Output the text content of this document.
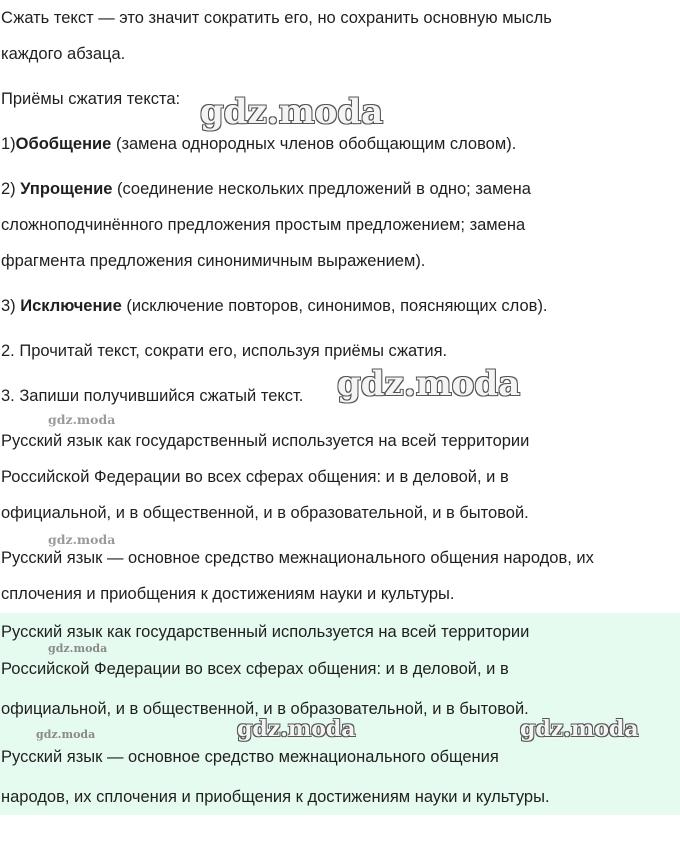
Сжать текст — это значит сократить его, но сохранить основную мысль
каждого абзаца.
Приёмы сжатия текста:
1)Обобщение (замена однородных членов обобщающим словом).
2) Упрощение (соединение нескольких предложений в одно; замена
сложноподчинённого предложения простым предложением; замена
фрагмента предложения синонимичным выражением).
3) Исключение (исключение повторов, синонимов, поясняющих слов).
2. Прочитай текст, сократи его, используя приёмы сжатия.
3. Запиши получившийся сжатый текст.
Русский язык как государственный используется на всей территории
Российской Федерации во всех сферах общения: и в деловой, и в
официальной, и в общественной, и в образовательной, и в бытовой.
Русский язык — основное средство межнационального общения народов, их
сплочения и приобщения к достижениям науки и культуры.
Русский язык как государственный используется на всей территории
Российской Федерации во всех сферах общения: и в деловой, и в
официальной, и в общественной, и в образовательной, и в бытовой.
Русский язык — основное средство межнационального общения
народов, их сплочения и приобщения к достижениям науки и культуры.
gdz.moda
gdz.moda
gdz.moda
gdz.moda
gdz.moda
gdz.moda	gdz.moda
gdz.moda
